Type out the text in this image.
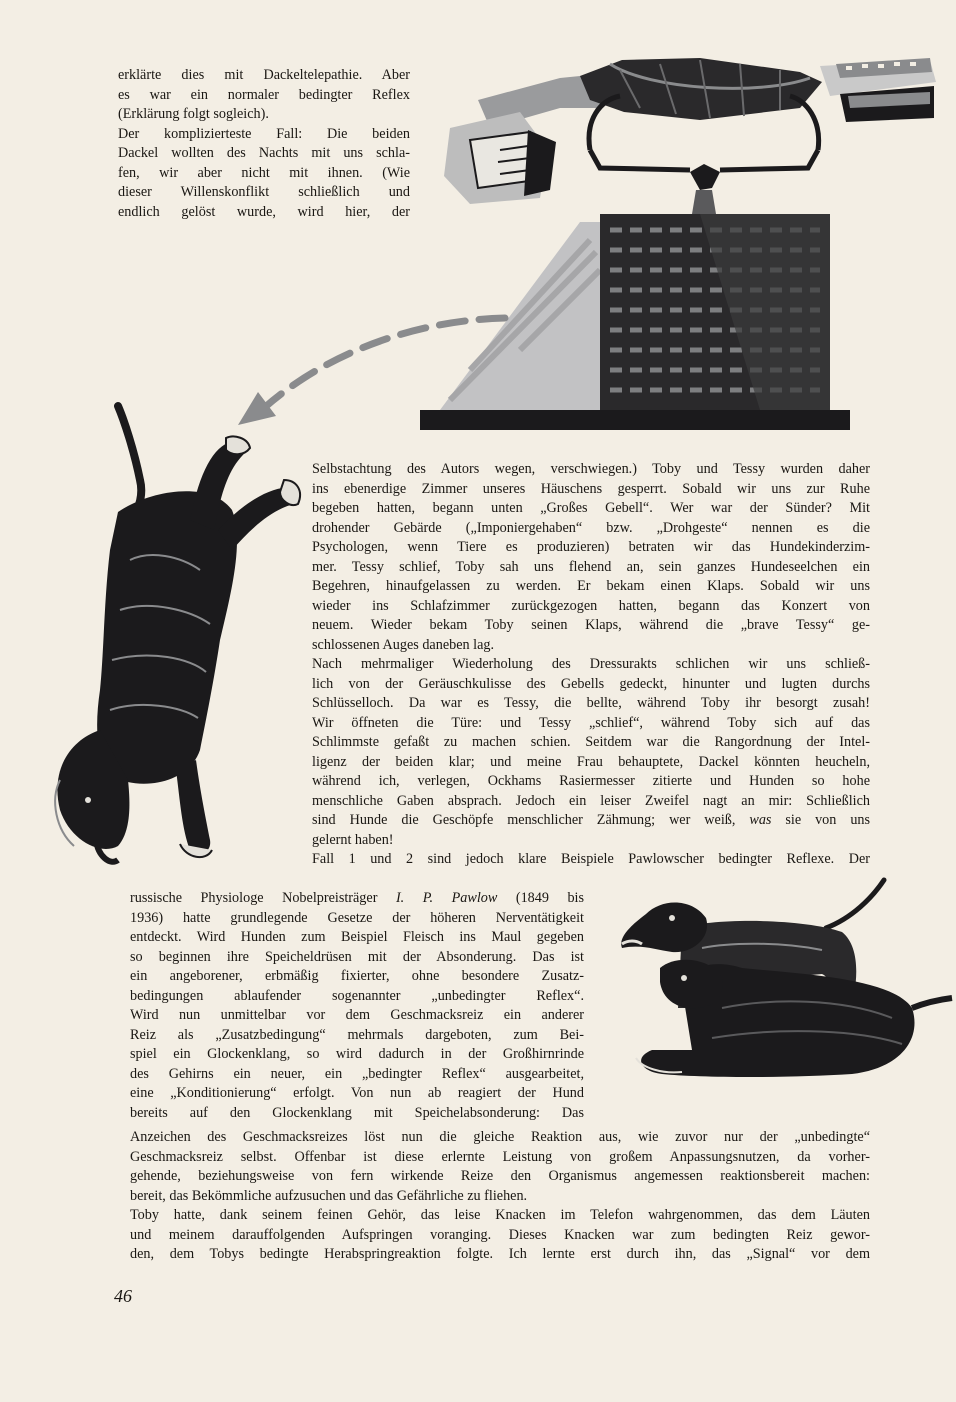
erklärte dies mit Dackeltelepathie. Aber
es war ein normaler bedingter Reflex
(Erklärung folgt sogleich).
Der komplizierteste Fall: Die beiden
Dackel wollten des Nachts mit uns schla-
fen, wir aber nicht mit ihnen. (Wie
dieser Willenskonflikt schließlich und
endlich gelöst wurde, wird hier, der
Selbstachtung des Autors wegen, verschwiegen.) Toby und Tessy wurden daher
ins ebenerdige Zimmer unseres Häuschens gesperrt. Sobald wir uns zur Ruhe
begeben hatten, begann unten „Großes Gebell“. Wer war der Sünder? Mit
drohender Gebärde („Imponiergehaben“ bzw. „Drohgeste“ nennen es die
Psychologen, wenn Tiere es produzieren) betraten wir das Hundekinderzim-
mer. Tessy schlief, Toby sah uns flehend an, sein ganzes Hundeseelchen ein
Begehren, hinaufgelassen zu werden. Er bekam einen Klaps. Sobald wir uns
wieder ins Schlafzimmer zurückgezogen hatten, begann das Konzert von
neuem. Wieder bekam Toby seinen Klaps, während die „brave Tessy“ ge-
schlossenen Auges daneben lag.
Nach mehrmaliger Wiederholung des Dressurakts schlichen wir uns schließ-
lich von der Geräuschkulisse des Gebells gedeckt, hinunter und lugten durchs
Schlüsselloch. Da war es Tessy, die bellte, während Toby ihr besorgt zusah!
Wir öffneten die Türe: und Tessy „schlief“, während Toby sich auf das
Schlimmste gefaßt zu machen schien. Seitdem war die Rangordnung der Intel-
ligenz der beiden klar; und meine Frau behauptete, Dackel könnten heucheln,
während ich, verlegen, Ockhams Rasiermesser zitierte und Hunden so hohe
menschliche Gaben absprach. Jedoch ein leiser Zweifel nagt an mir: Schließlich
sind Hunde die Geschöpfe menschlicher Zähmung; wer weiß, was sie von uns
gelernt haben!
Fall 1 und 2 sind jedoch klare Beispiele Pawlowscher bedingter Reflexe. Der
russische Physiologe Nobelpreisträger I. P. Pawlow (1849 bis
1936) hatte grundlegende Gesetze der höheren Nerventätigkeit
entdeckt. Wird Hunden zum Beispiel Fleisch ins Maul gegeben
so beginnen ihre Speicheldrüsen mit der Absonderung. Das ist
ein angeborener, erbmäßig fixierter, ohne besondere Zusatz-
bedingungen ablaufender sogenannter „unbedingter Reflex“.
Wird nun unmittelbar vor dem Geschmacksreiz ein anderer
Reiz als „Zusatzbedingung“ mehrmals dargeboten, zum Bei-
spiel ein Glockenklang, so wird dadurch in der Großhirnrinde
des Gehirns ein neuer, ein „bedingter Reflex“ ausgearbeitet,
eine „Konditionierung“ erfolgt. Von nun ab reagiert der Hund
bereits auf den Glockenklang mit Speichelabsonderung: Das
Anzeichen des Geschmacksreizes löst nun die gleiche Reaktion aus, wie zuvor nur der „unbedingte“
Geschmacksreiz selbst. Offenbar ist diese erlernte Leistung von großem Anpassungsnutzen, da vorher-
gehende, beziehungsweise von fern wirkende Reize den Organismus angemessen reaktionsbereit machen:
bereit, das Bekömmliche aufzusuchen und das Gefährliche zu fliehen.
Toby hatte, dank seinem feinen Gehör, das leise Knacken im Telefon wahrgenommen, das dem Läuten
und meinem darauffolgenden Aufspringen voranging. Dieses Knacken war zum bedingten Reiz gewor-
den, dem Tobys bedingte Herabspringreaktion folgte. Ich lernte erst durch ihn, das „Signal“ vor dem
46
